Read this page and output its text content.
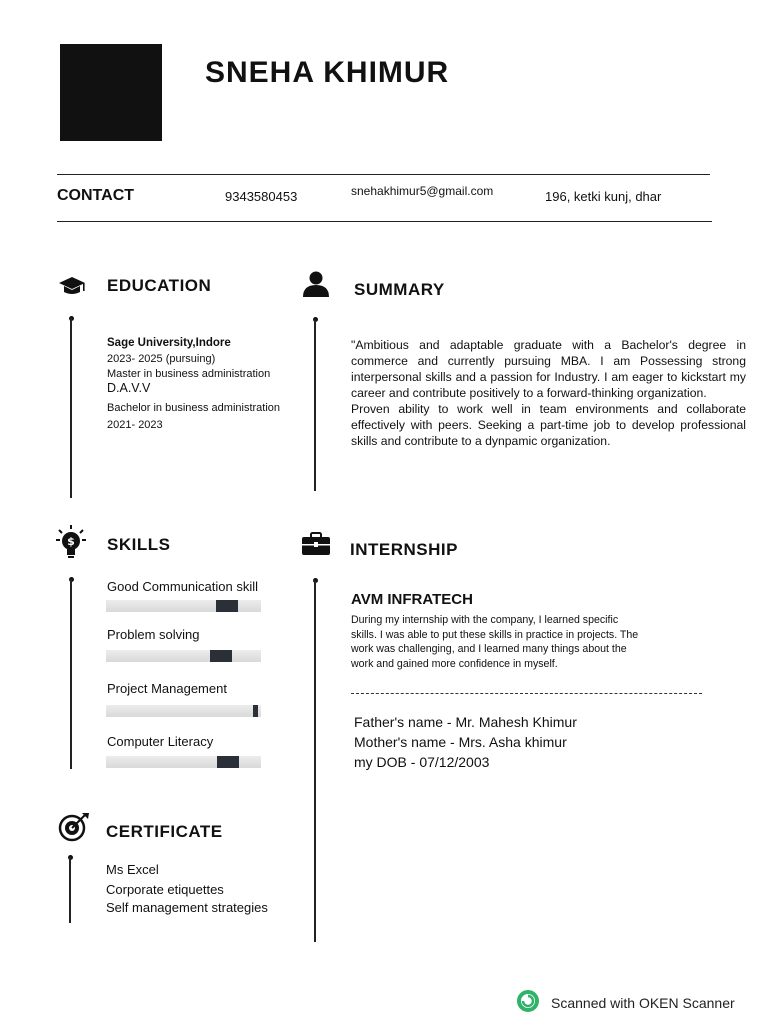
SNEHA KHIMUR
CONTACT	9343580453	snehakhimur5@gmail.com	196, ketki kunj, dhar
EDUCATION
Sage University,Indore
2023- 2025 (pursuing)
Master in business administration
D.A.V.V
Bachelor in business administration
2021- 2023
SUMMARY

"Ambitious and adaptable graduate with a Bachelor's degree in commerce and currently pursuing MBA. I am Possessing strong interpersonal skills and a passion for Industry. I am eager to kickstart my career and contribute positively to a forward-thinking organization.

Proven ability to work well in team environments and collaborate effectively with peers. Seeking a part-time job to develop professional skills and contribute to a dynpamic organization.

$ SKILLS
Good Communication skill
Problem solving
Project Management
Computer Literacy
INTERNSHIP
AVM INFRATECH
During my internship with the company, I learned specific
skills. I was able to put these skills in practice in projects. The
work was challenging, and I learned many things about the
work and gained more confidence in myself.
Father's name - Mr. Mahesh Khimur
Mother's name - Mrs. Asha khimur
my DOB - 07/12/2003
CERTIFICATE
Ms Excel
Corporate etiquettes
Self management strategies
Scanned with OKEN Scanner
